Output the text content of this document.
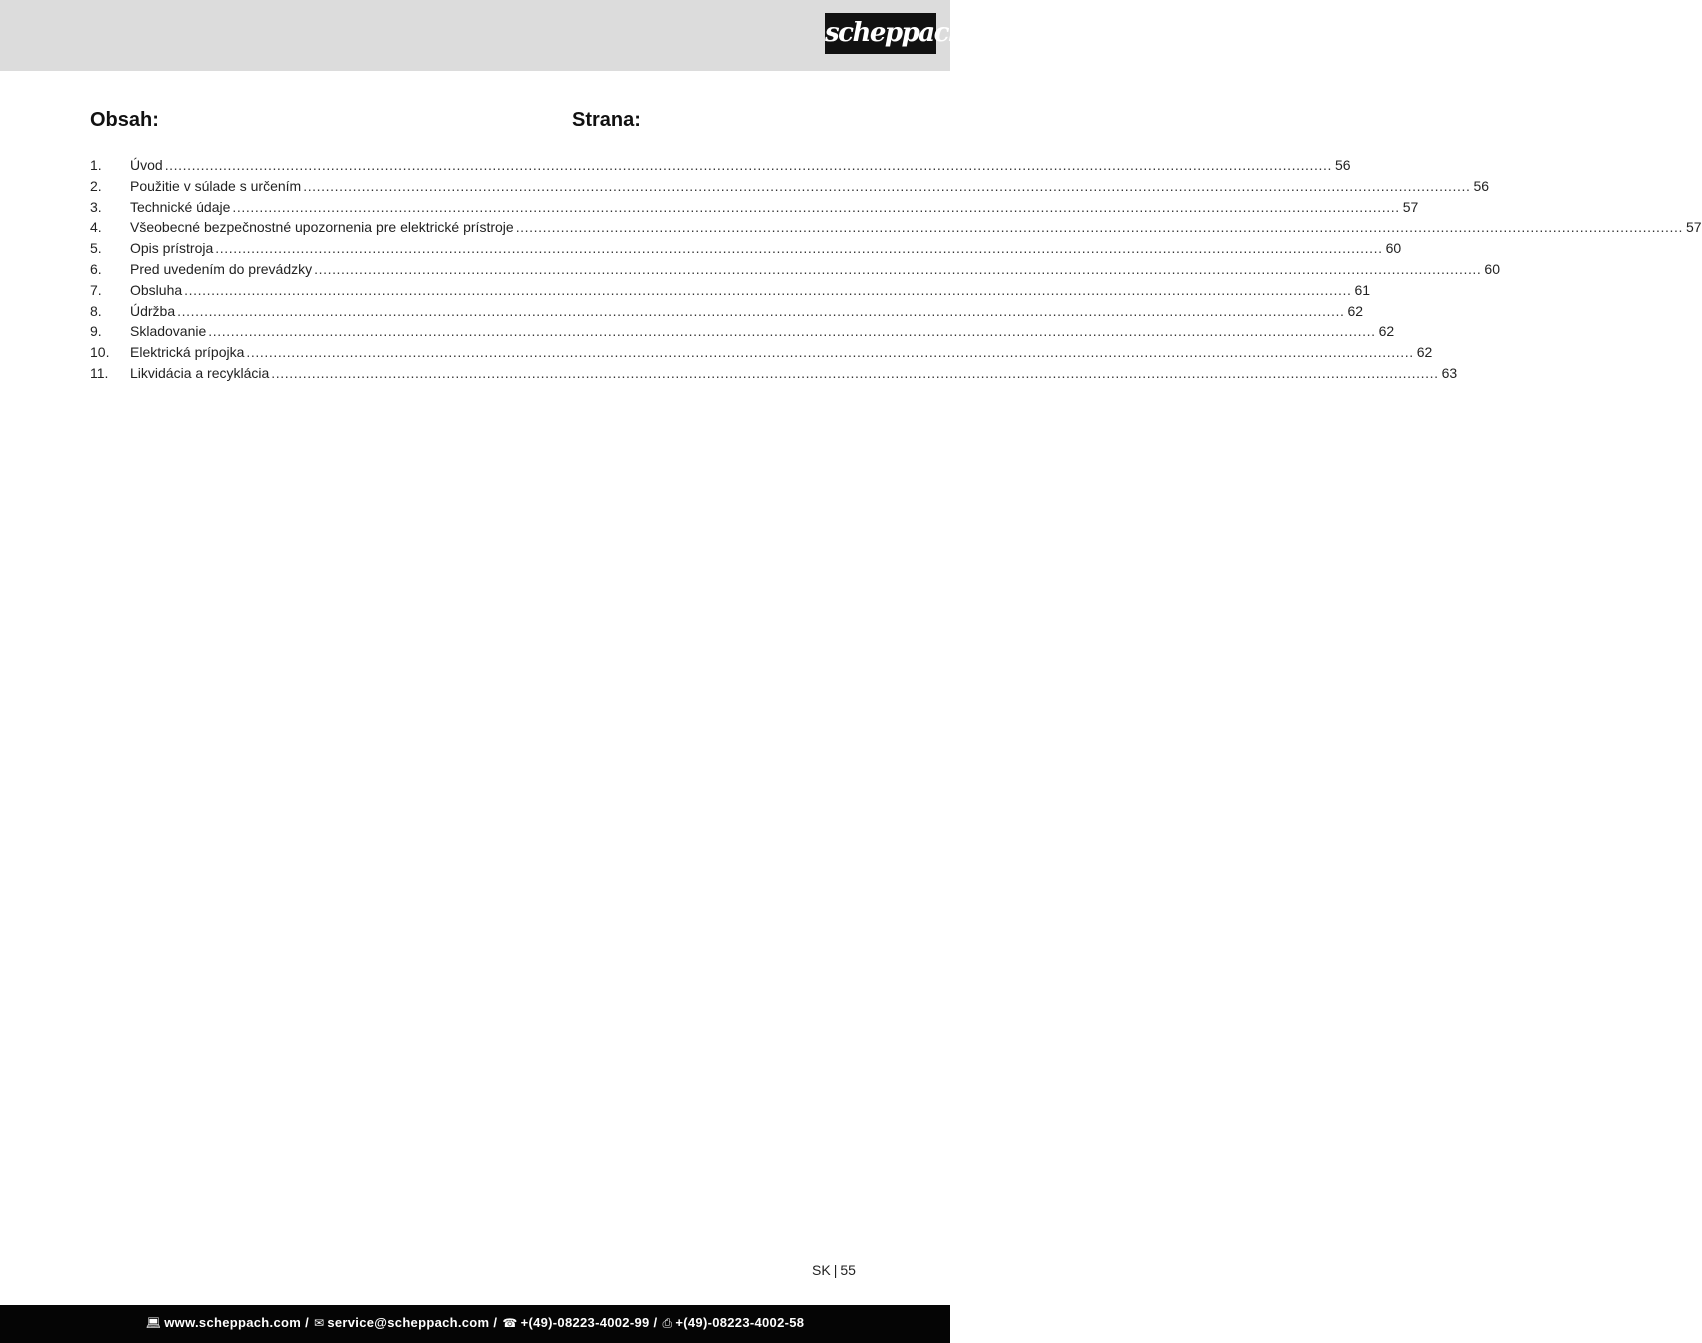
scheppach
Obsah:	Strana:
1.	Úvod .....	56
2.	Použitie v súlade s určením .....	56
3.	Technické údaje .....	57
4.	Všeobecné bezpečnostné upozornenia pre elektrické prístroje .....	57
5.	Opis prístroja .....	60
6.	Pred uvedením do prevádzky .....	60
7.	Obsluha .....	61
8.	Údržba .....	62
9.	Skladovanie .....	62
10.	Elektrická prípojka .....	62
11.	Likvidácia a recyklácia .....	63
SK | 55
💻︎ www.scheppach.com / ✉︎ service@scheppach.com / ☎︎ +(49)-08223-4002-99 / ⎙ +(49)-08223-4002-58
